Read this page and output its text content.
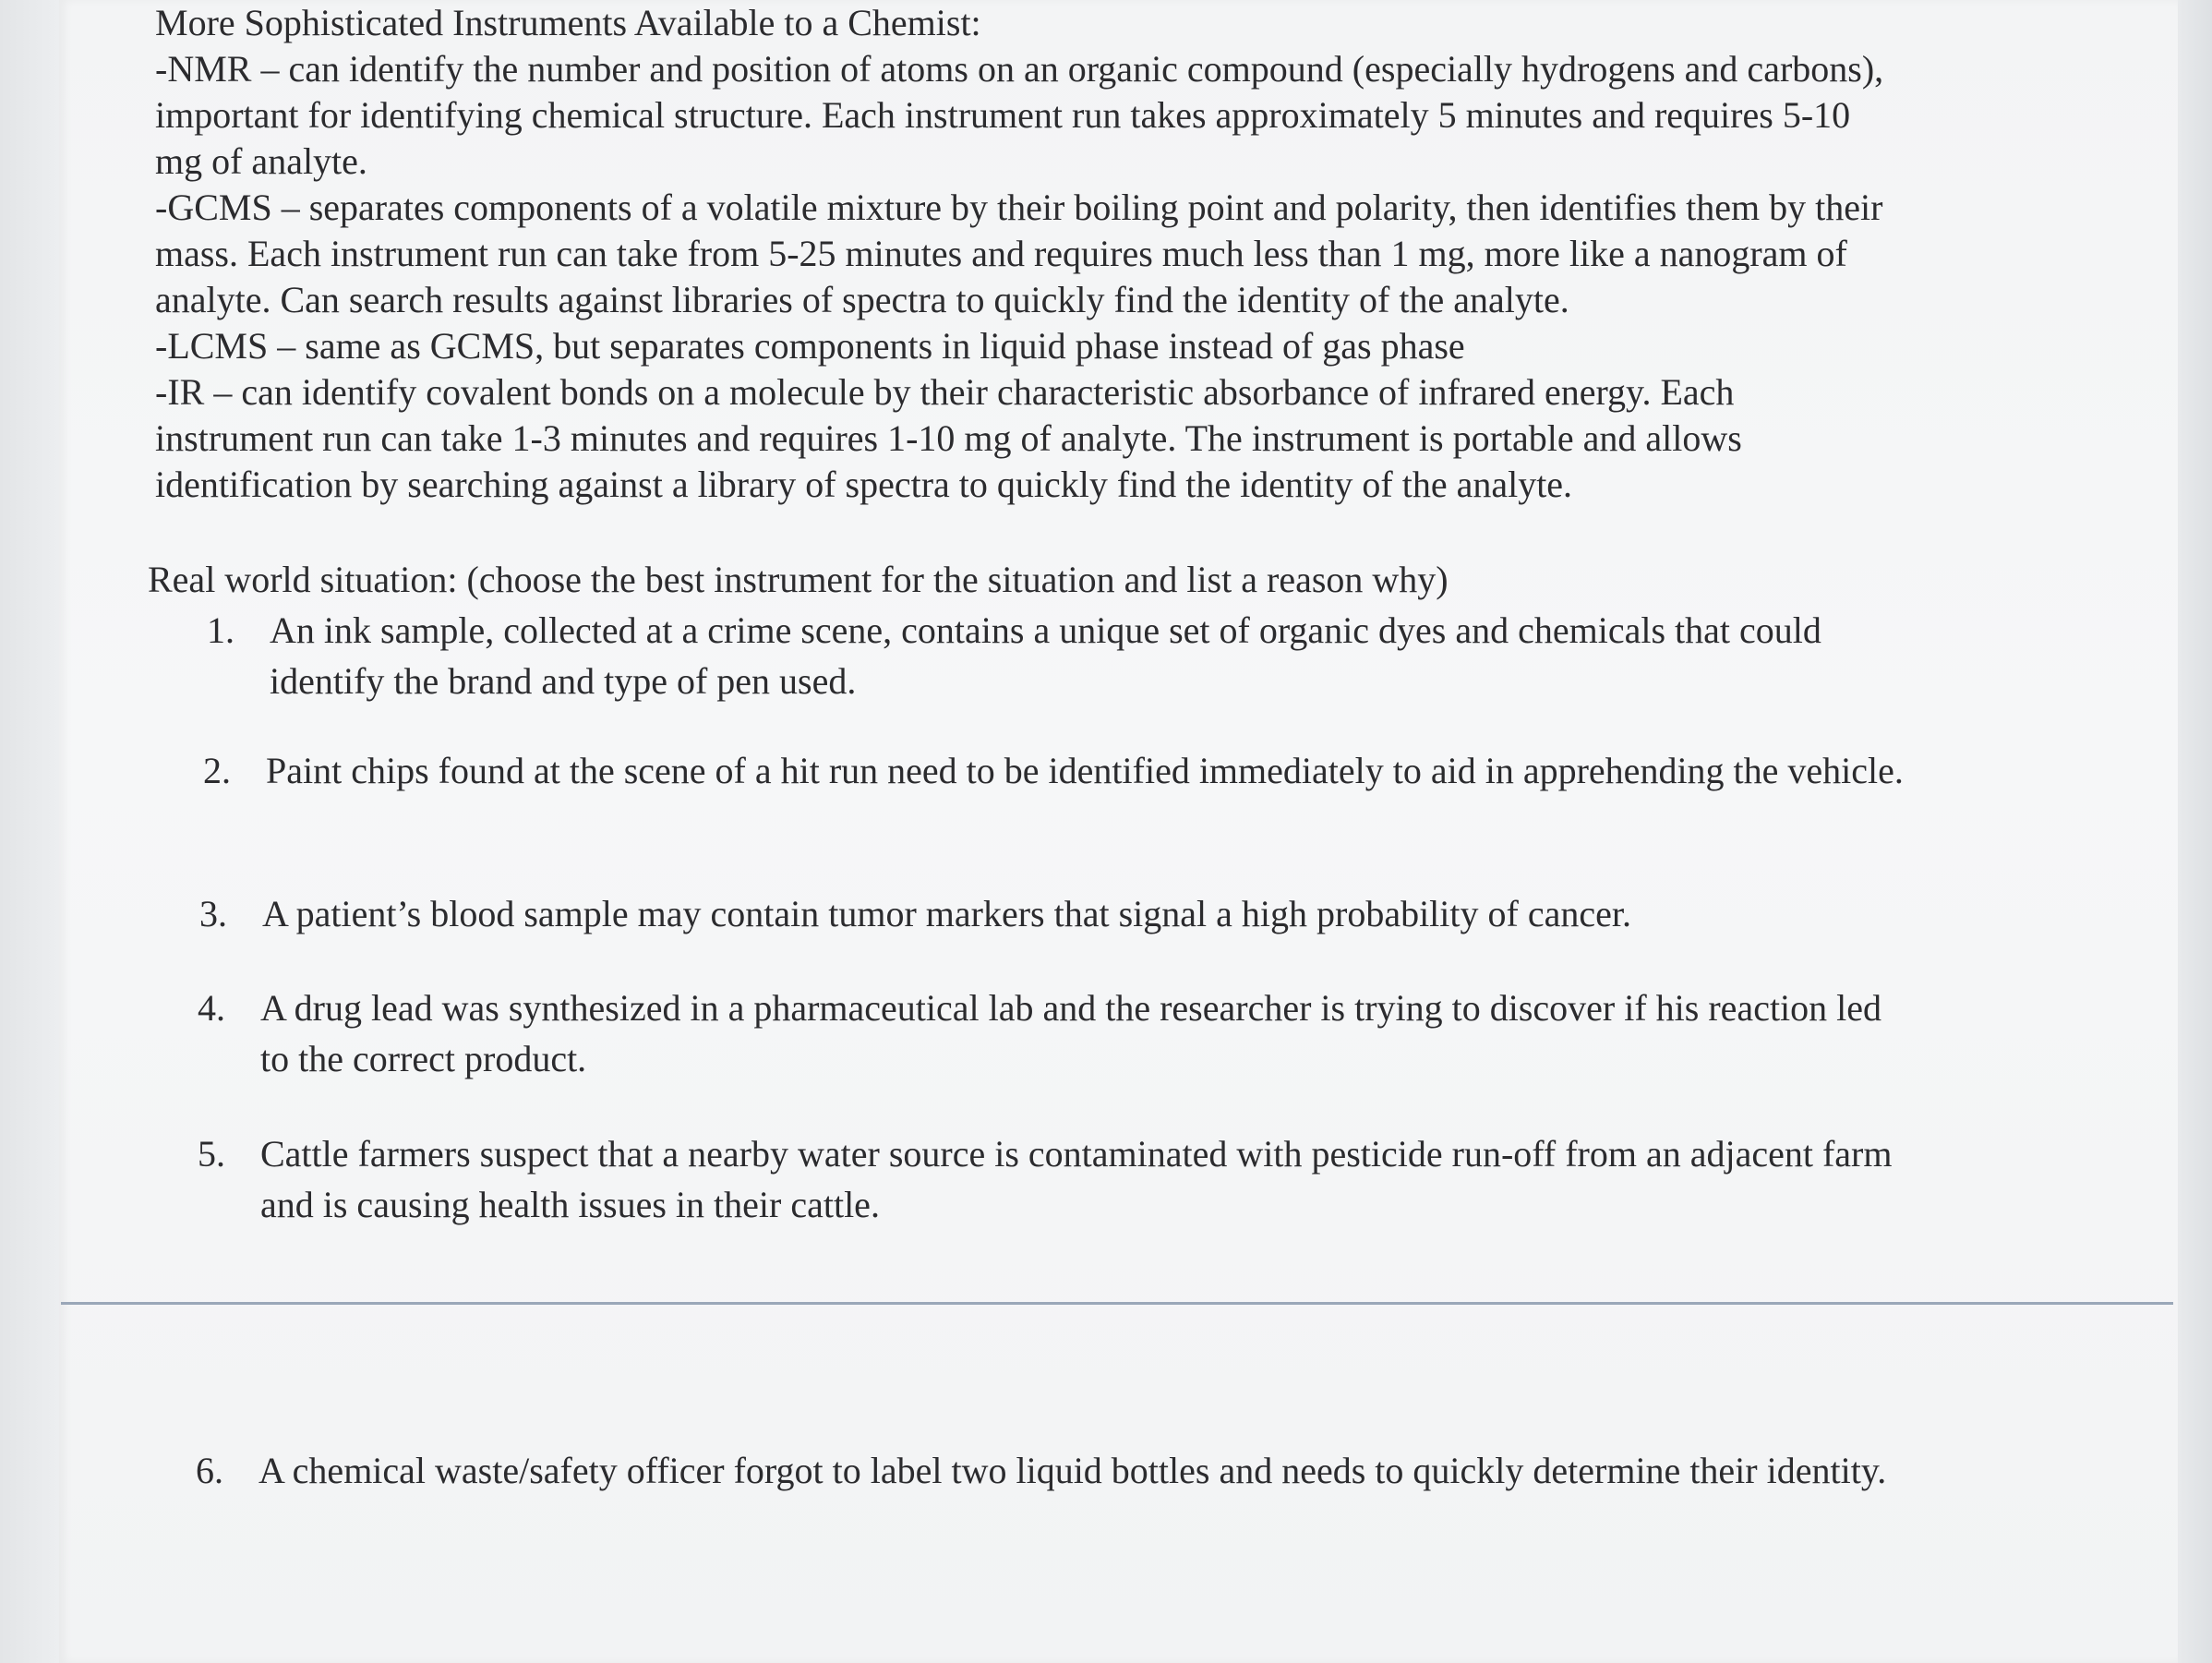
More Sophisticated Instruments Available to a Chemist:
-NMR – can identify the number and position of atoms on an organic compound (especially hydrogens and carbons),
important for identifying chemical structure. Each instrument run takes approximately 5 minutes and requires 5-10
mg of analyte.
-GCMS – separates components of a volatile mixture by their boiling point and polarity, then identifies them by their
mass. Each instrument run can take from 5-25 minutes and requires much less than 1 mg, more like a nanogram of
analyte. Can search results against libraries of spectra to quickly find the identity of the analyte.
-LCMS – same as GCMS, but separates components in liquid phase instead of gas phase
-IR – can identify covalent bonds on a molecule by their characteristic absorbance of infrared energy. Each
instrument run can take 1-3 minutes and requires 1-10 mg of analyte. The instrument is portable and allows
identification by searching against a library of spectra to quickly find the identity of the analyte.
Real world situation: (choose the best instrument for the situation and list a reason why)
1. An ink sample, collected at a crime scene, contains a unique set of organic dyes and chemicals that could
identify the brand and type of pen used.
2. Paint chips found at the scene of a hit run need to be identified immediately to aid in apprehending the vehicle.
3. A patient’s blood sample may contain tumor markers that signal a high probability of cancer.
4. A drug lead was synthesized in a pharmaceutical lab and the researcher is trying to discover if his reaction led
to the correct product.
5. Cattle farmers suspect that a nearby water source is contaminated with pesticide run-off from an adjacent farm
and is causing health issues in their cattle.
6. A chemical waste/safety officer forgot to label two liquid bottles and needs to quickly determine their identity.
